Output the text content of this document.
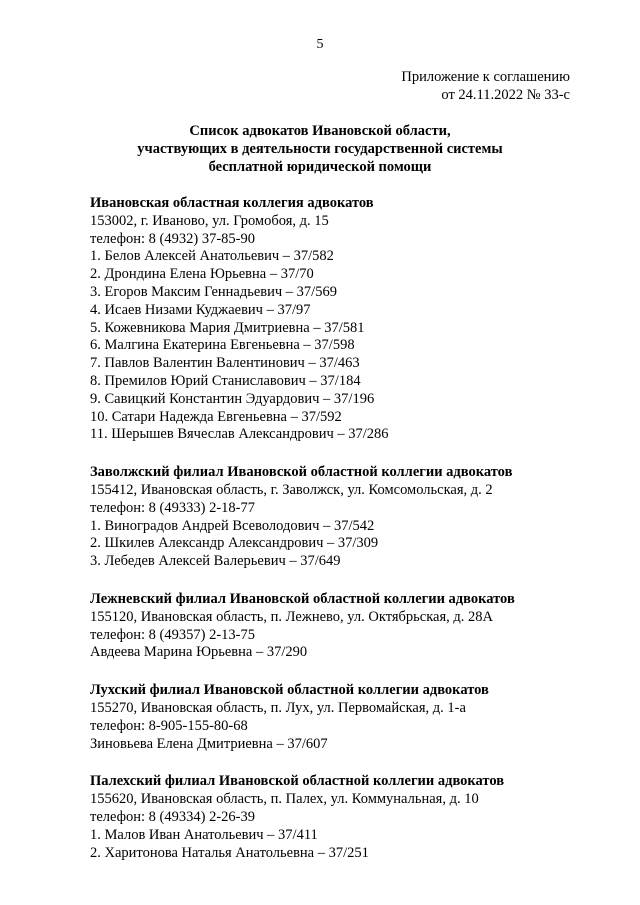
5
Приложение к соглашению
от 24.11.2022 № 33-с
Список адвокатов Ивановской области,
участвующих в деятельности государственной системы
бесплатной юридической помощи

Ивановская областная коллегия адвокатов

153002, г. Иваново, ул. Громобоя, д. 15

телефон: 8 (4932) 37-85-90

1. Белов Алексей Анатольевич – 37/582

2. Дрондина Елена Юрьевна – 37/70

3. Егоров Максим Геннадьевич – 37/569

4. Исаев Низами Куджаевич – 37/97

5. Кожевникова Мария Дмитриевна – 37/581

6. Малгина Екатерина Евгеньевна – 37/598

7. Павлов Валентин Валентинович – 37/463

8. Премилов Юрий Станиславович – 37/184

9. Савицкий Константин Эдуардович – 37/196

10. Сатари Надежда Евгеньевна – 37/592

11. Шерышев Вячеслав Александрович – 37/286

Заволжский филиал Ивановской областной коллегии адвокатов

155412, Ивановская область, г. Заволжск, ул. Комсомольская, д. 2

телефон: 8 (49333) 2-18-77

1. Виноградов Андрей Всеволодович – 37/542

2. Шкилев Александр Александрович – 37/309

3. Лебедев Алексей Валерьевич – 37/649

Лежневский филиал Ивановской областной коллегии адвокатов

155120, Ивановская область, п. Лежнево, ул. Октябрьская, д. 28А

телефон: 8 (49357) 2-13-75

Авдеева Марина Юрьевна – 37/290

Лухский филиал Ивановской областной коллегии адвокатов

155270, Ивановская область, п. Лух, ул. Первомайская, д. 1-а

телефон: 8-905-155-80-68

Зиновьева Елена Дмитриевна – 37/607

Палехский филиал Ивановской областной коллегии адвокатов

155620, Ивановская область, п. Палех, ул. Коммунальная, д. 10

телефон: 8 (49334) 2-26-39

1. Малов Иван Анатольевич – 37/411

2. Харитонова Наталья Анатольевна – 37/251
